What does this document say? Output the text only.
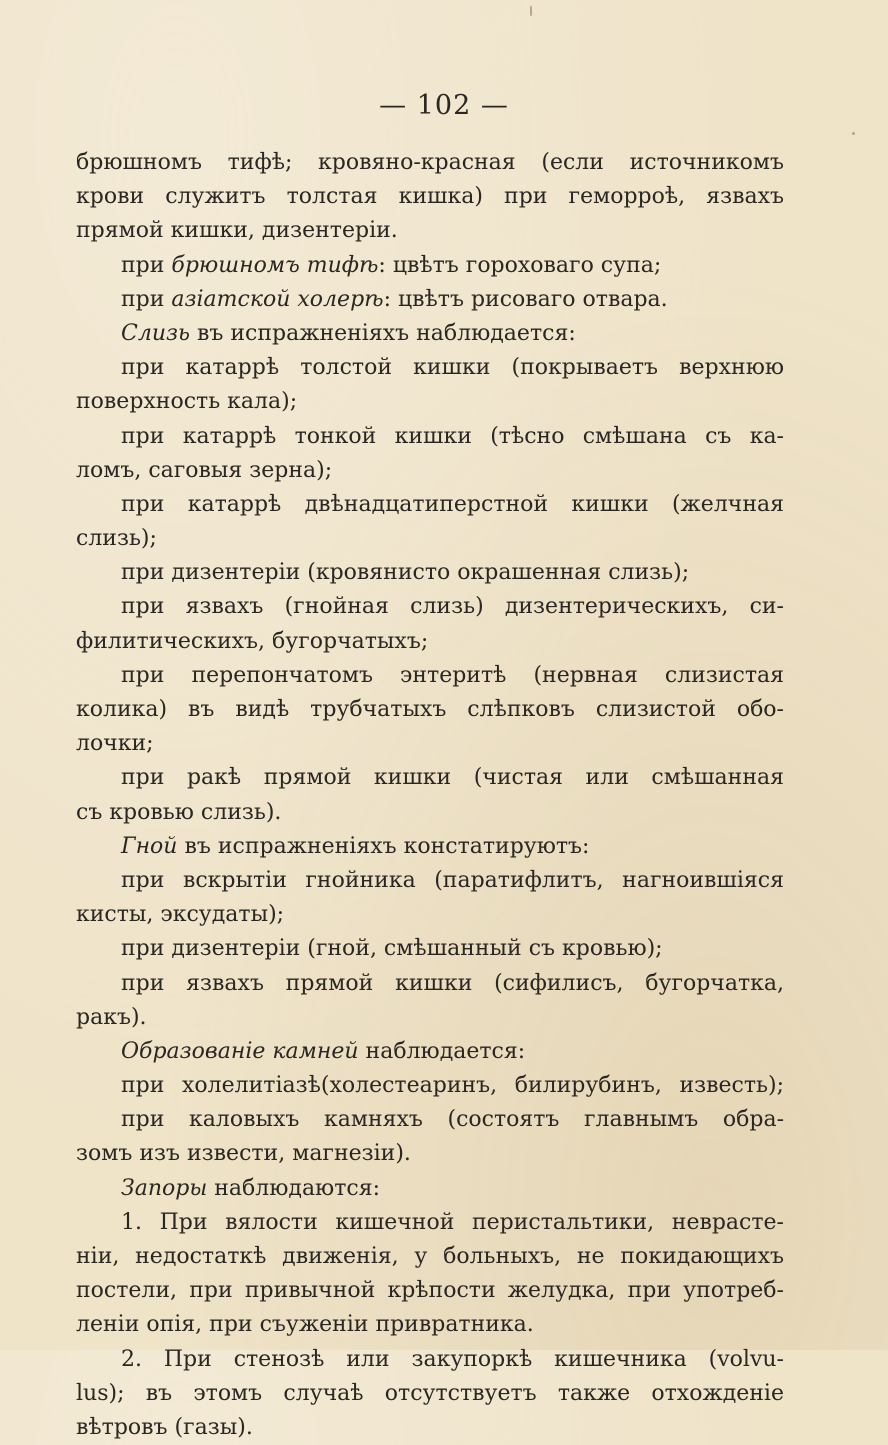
— 102 —
брюшномъ тифѣ; кровяно-красная (если источникомъ
крови служитъ толстая кишка) при геморроѣ, язвахъ
прямой кишки, дизентеріи.
при брюшномъ тифѣ: цвѣтъ гороховаго супа;
при азіатской холерѣ: цвѣтъ рисоваго отвара.
Слизь въ испражненіяхъ наблюдается:
при катаррѣ толстой кишки (покрываетъ верхнюю
поверхность кала);
при катаррѣ тонкой кишки (тѣсно смѣшана съ ка-
ломъ, саговыя зерна);
при катаррѣ двѣнадцатиперстной кишки (желчная
слизь);
при дизентеріи (кровянисто окрашенная слизь);
при язвахъ (гнойная слизь) дизентерическихъ, си-
филитическихъ, бугорчатыхъ;
при перепончатомъ энтеритѣ (нервная слизистая
колика) въ видѣ трубчатыхъ слѣпковъ слизистой обо-
лочки;
при ракѣ прямой кишки (чистая или смѣшанная
съ кровью слизь).
Гной въ испражненіяхъ констатируютъ:
при вскрытіи гнойника (паратифлитъ, нагноившіяся
кисты, эксудаты);
при дизентеріи (гной, смѣшанный съ кровью);
при язвахъ прямой кишки (сифилисъ, бугорчатка,
ракъ).
Образованіе камней наблюдается:
при холелитіазѣ(холестеаринъ, билирубинъ, известь);
при каловыхъ камняхъ (состоятъ главнымъ обра-
зомъ изъ извести, магнезіи).
Запоры наблюдаются:
1. При вялости кишечной перистальтики, неврасте-
ніи, недостаткѣ движенія, у больныхъ, не покидающихъ
постели, при привычной крѣпости желудка, при употреб-
леніи опія, при съуженіи привратника.
2. При стенозѣ или закупоркѣ кишечника (volvu-
lus); въ этомъ случаѣ отсутствуетъ также отхожденіе
вѣтровъ (газы).
